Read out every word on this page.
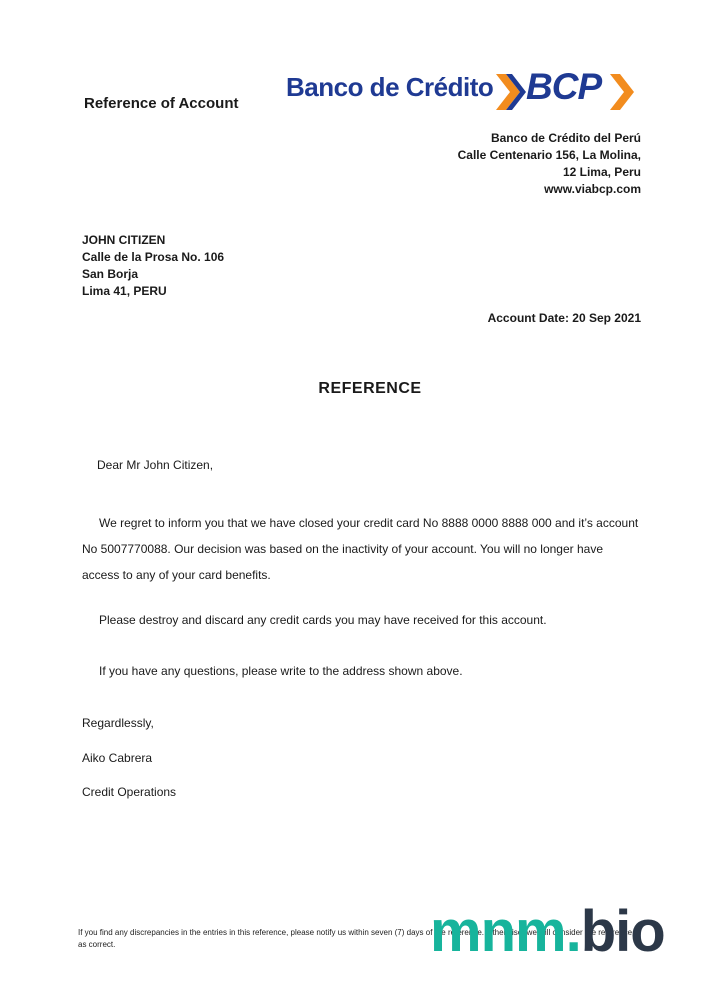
Reference of Account
Banco de Crédito BCP
Banco de Crédito del Perú
Calle Centenario 156, La Molina,
12 Lima, Peru
www.viabcp.com
JOHN CITIZEN
Calle de la Prosa No. 106
San Borja
Lima 41, PERU
Account Date: 20 Sep 2021
REFERENCE
Dear Mr John Citizen,
We regret to inform you that we have closed your credit card No 8888 0000 8888 000 and it’s account No 5007770088. Our decision was based on the inactivity of your account. You will no longer have access to any of your card benefits.
Please destroy and discard any credit cards you may have received for this account.
If you have any questions, please write to the address shown above.
Regardlessly,
Aiko Cabrera
Credit Operations
If you find any discrepancies in the entries in this reference, please notify us within seven (7) days of the reference. Otherwise, we will consider the reference as correct.	mnm.bio
